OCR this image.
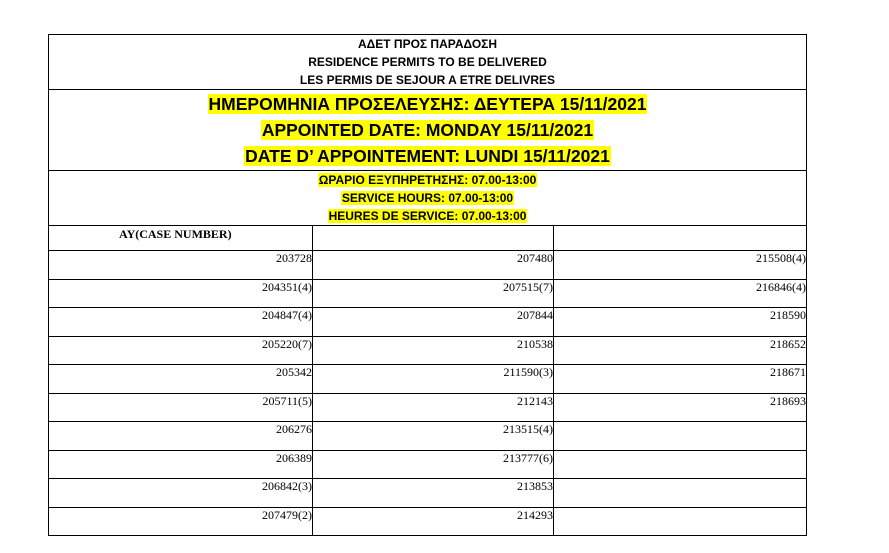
ΑΔΕΤ ΠΡΟΣ ΠΑΡΑΔΟΣΗ
RESIDENCE PERMITS TO BE DELIVERED
LES PERMIS DE SEJOUR A ETRE DELIVRES		

ΗΜΕΡΟΜΗΝΙΑ ΠΡΟΣΕΛΕΥΣΗΣ: ΔΕΥΤΕΡΑ 15/11/2021
APPOINTED DATE: MONDAY 15/11/2021
DATE D’ APPOINTEMENT: LUNDI 15/11/2021		

ΩΡΑΡΙΟ ΕΞΥΠΗΡΕΤΗΣΗΣ: 07.00-13:00
SERVICE HOURS: 07.00-13:00
HEURES DE SERVICE: 07.00-13:00		

AY(CASE NUMBER)		

203728	207480	215508(4)
204351(4)	207515(7)	216846(4)
204847(4)	207844	218590
205220(7)	210538	218652
205342	211590(3)	218671
205711(5)	212143	218693
206276	213515(4)	
206389	213777(6)	
206842(3)	213853	
207479(2)	214293	
